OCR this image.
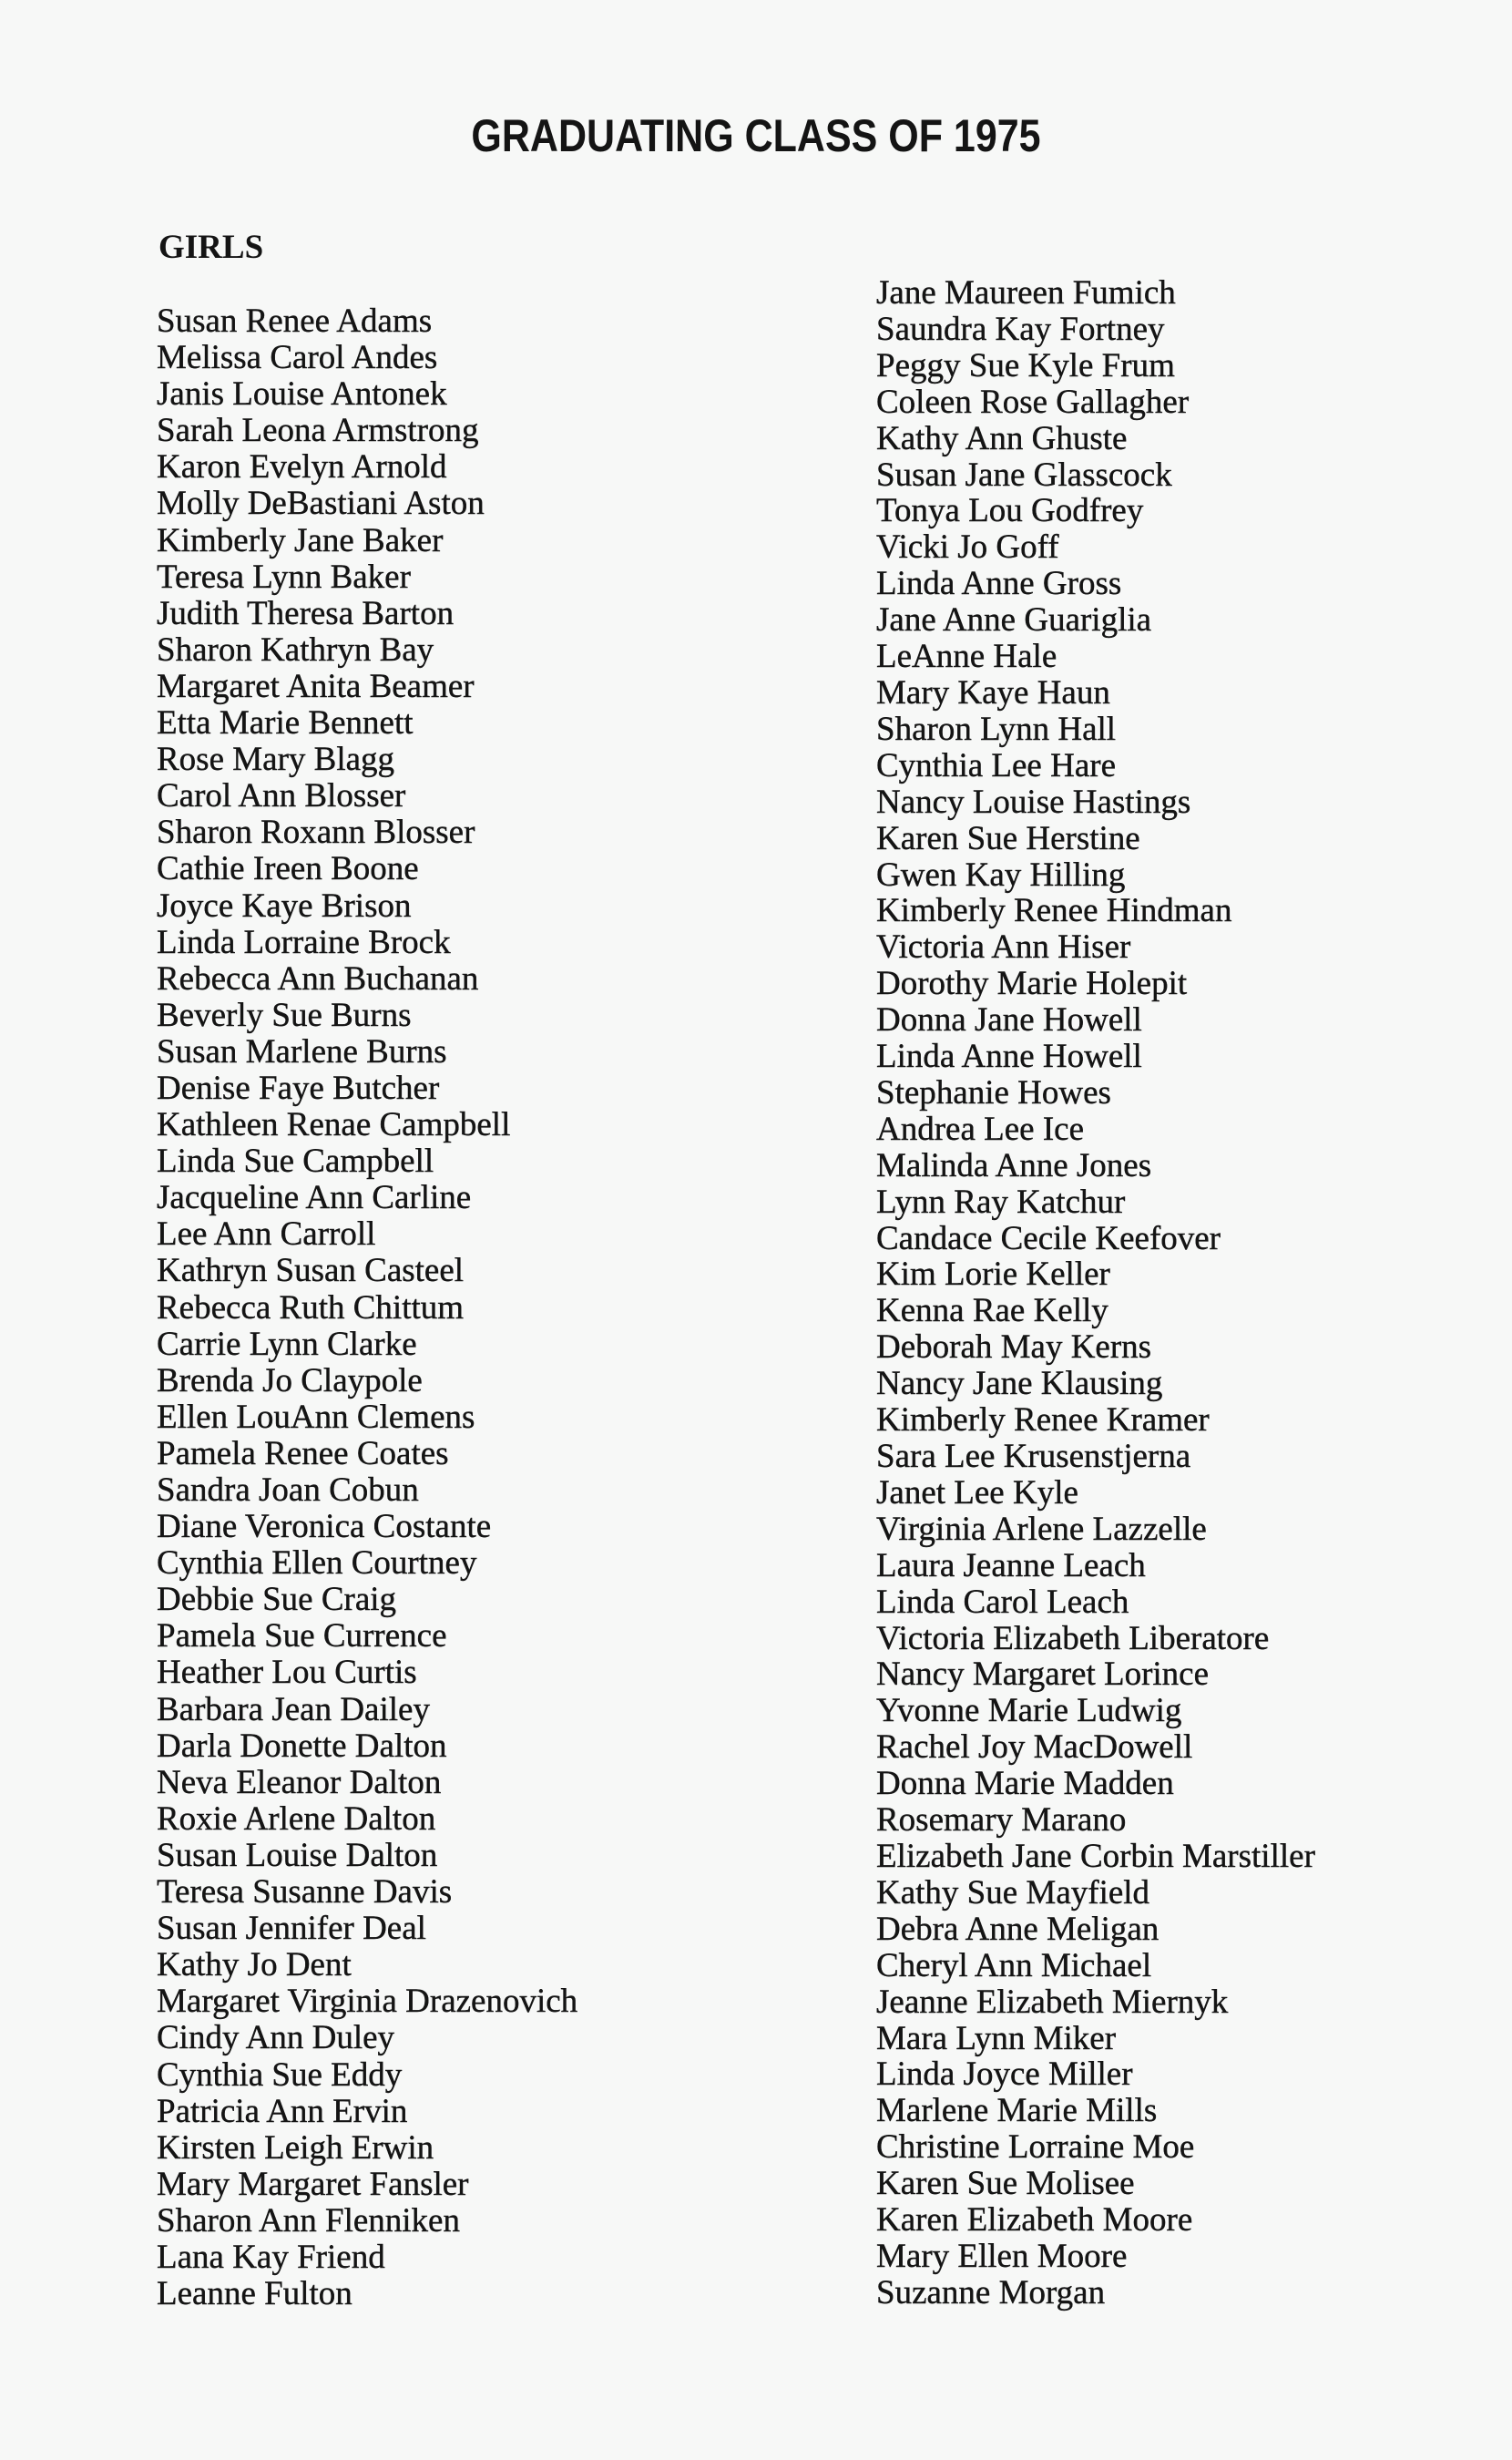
GRADUATING CLASS OF 1975
GIRLS
Susan Renee Adams
Melissa Carol Andes
Janis Louise Antonek
Sarah Leona Armstrong
Karon Evelyn Arnold
Molly DeBastiani Aston
Kimberly Jane Baker
Teresa Lynn Baker
Judith Theresa Barton
Sharon Kathryn Bay
Margaret Anita Beamer
Etta Marie Bennett
Rose Mary Blagg
Carol Ann Blosser
Sharon Roxann Blosser
Cathie Ireen Boone
Joyce Kaye Brison
Linda Lorraine Brock
Rebecca Ann Buchanan
Beverly Sue Burns
Susan Marlene Burns
Denise Faye Butcher
Kathleen Renae Campbell
Linda Sue Campbell
Jacqueline Ann Carline
Lee Ann Carroll
Kathryn Susan Casteel
Rebecca Ruth Chittum
Carrie Lynn Clarke
Brenda Jo Claypole
Ellen LouAnn Clemens
Pamela Renee Coates
Sandra Joan Cobun
Diane Veronica Costante
Cynthia Ellen Courtney
Debbie Sue Craig
Pamela Sue Currence
Heather Lou Curtis
Barbara Jean Dailey
Darla Donette Dalton
Neva Eleanor Dalton
Roxie Arlene Dalton
Susan Louise Dalton
Teresa Susanne Davis
Susan Jennifer Deal
Kathy Jo Dent
Margaret Virginia Drazenovich
Cindy Ann Duley
Cynthia Sue Eddy
Patricia Ann Ervin
Kirsten Leigh Erwin
Mary Margaret Fansler
Sharon Ann Flenniken
Lana Kay Friend
Leanne Fulton
Jane Maureen Fumich
Saundra Kay Fortney
Peggy Sue Kyle Frum
Coleen Rose Gallagher
Kathy Ann Ghuste
Susan Jane Glasscock
Tonya Lou Godfrey
Vicki Jo Goff
Linda Anne Gross
Jane Anne Guariglia
LeAnne Hale
Mary Kaye Haun
Sharon Lynn Hall
Cynthia Lee Hare
Nancy Louise Hastings
Karen Sue Herstine
Gwen Kay Hilling
Kimberly Renee Hindman
Victoria Ann Hiser
Dorothy Marie Holepit
Donna Jane Howell
Linda Anne Howell
Stephanie Howes
Andrea Lee Ice
Malinda Anne Jones
Lynn Ray Katchur
Candace Cecile Keefover
Kim Lorie Keller
Kenna Rae Kelly
Deborah May Kerns
Nancy Jane Klausing
Kimberly Renee Kramer
Sara Lee Krusenstjerna
Janet Lee Kyle
Virginia Arlene Lazzelle
Laura Jeanne Leach
Linda Carol Leach
Victoria Elizabeth Liberatore
Nancy Margaret Lorince
Yvonne Marie Ludwig
Rachel Joy MacDowell
Donna Marie Madden
Rosemary Marano
Elizabeth Jane Corbin Marstiller
Kathy Sue Mayfield
Debra Anne Meligan
Cheryl Ann Michael
Jeanne Elizabeth Miernyk
Mara Lynn Miker
Linda Joyce Miller
Marlene Marie Mills
Christine Lorraine Moe
Karen Sue Molisee
Karen Elizabeth Moore
Mary Ellen Moore
Suzanne Morgan
